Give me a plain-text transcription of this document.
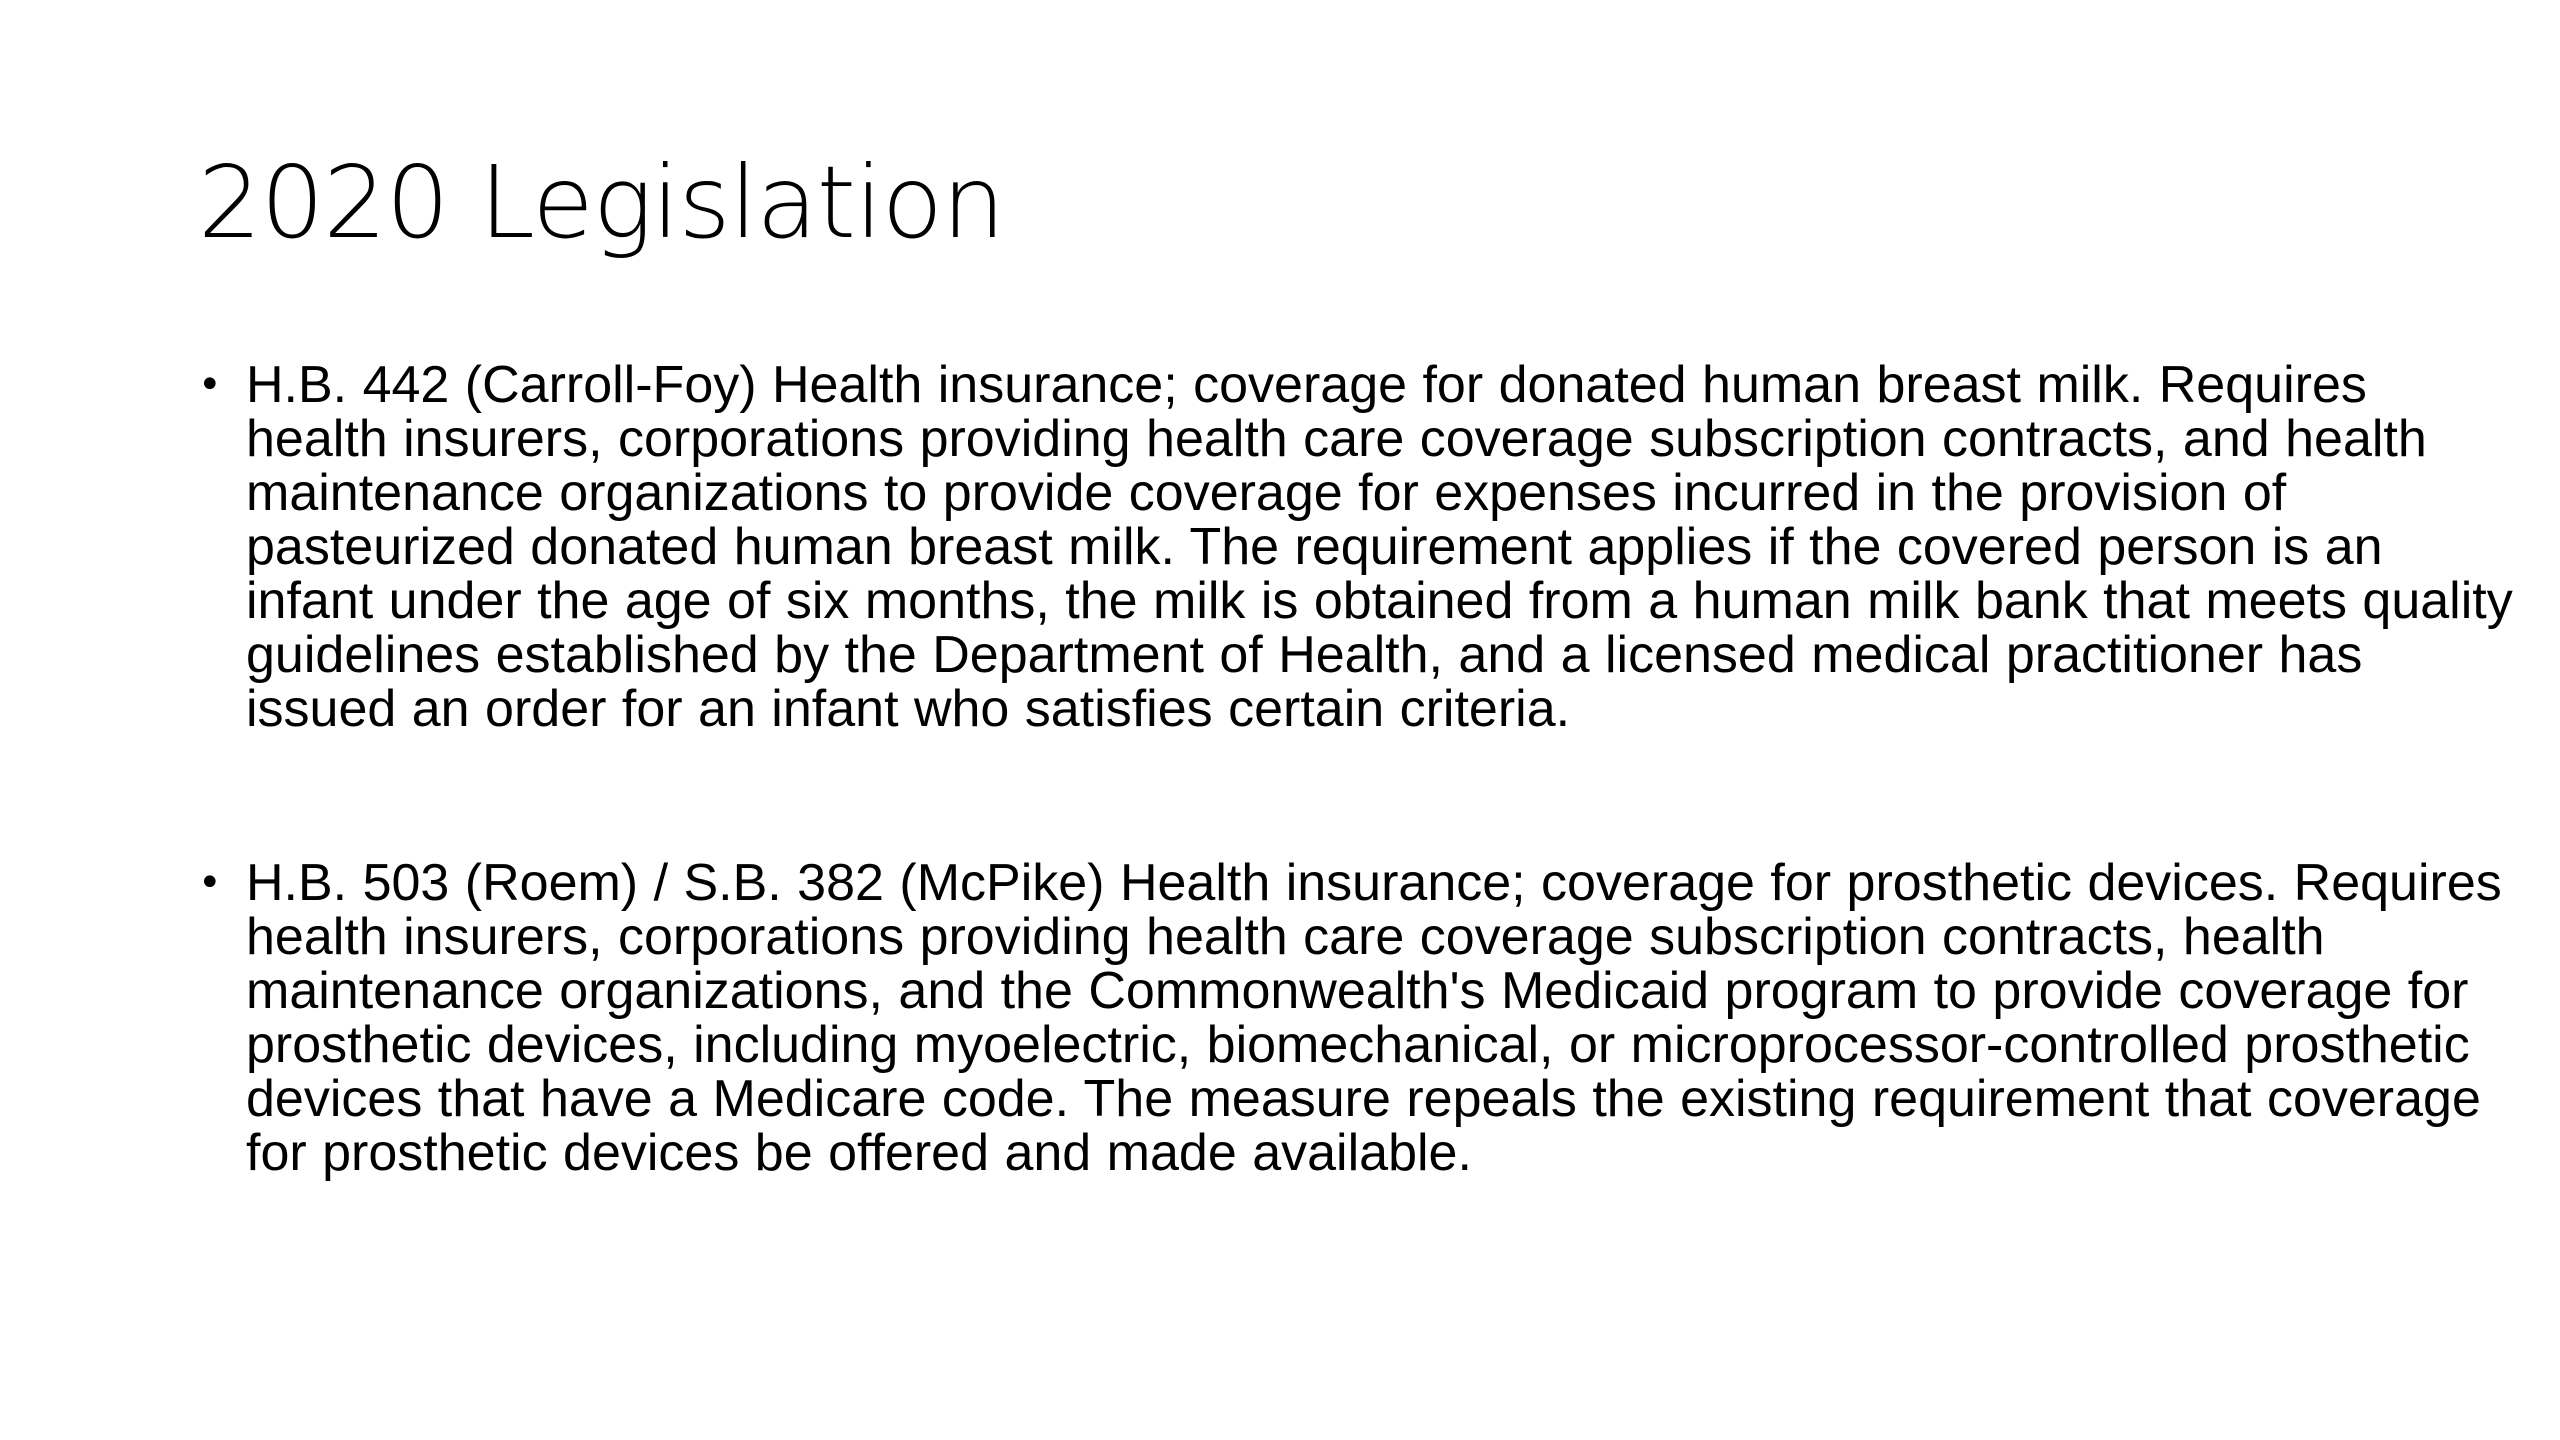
2020 Legislation
• H.B. 442 (Carroll-Foy) Health insurance; coverage for donated human breast milk. Requires health insurers, corporations providing health care coverage subscription contracts, and health maintenance organizations to provide coverage for expenses incurred in the provision of pasteurized donated human breast milk. The requirement applies if the covered person is an infant under the age of six months, the milk is obtained from a human milk bank that meets quality guidelines established by the Department of Health, and a licensed medical practitioner has issued an order for an infant who satisfies certain criteria.
• H.B. 503 (Roem) / S.B. 382 (McPike) Health insurance; coverage for prosthetic devices. Requires health insurers, corporations providing health care coverage subscription contracts, health maintenance organizations, and the Commonwealth's Medicaid program to provide coverage for prosthetic devices, including myoelectric, biomechanical, or microprocessor-controlled prosthetic devices that have a Medicare code. The measure repeals the existing requirement that coverage for prosthetic devices be offered and made available.
